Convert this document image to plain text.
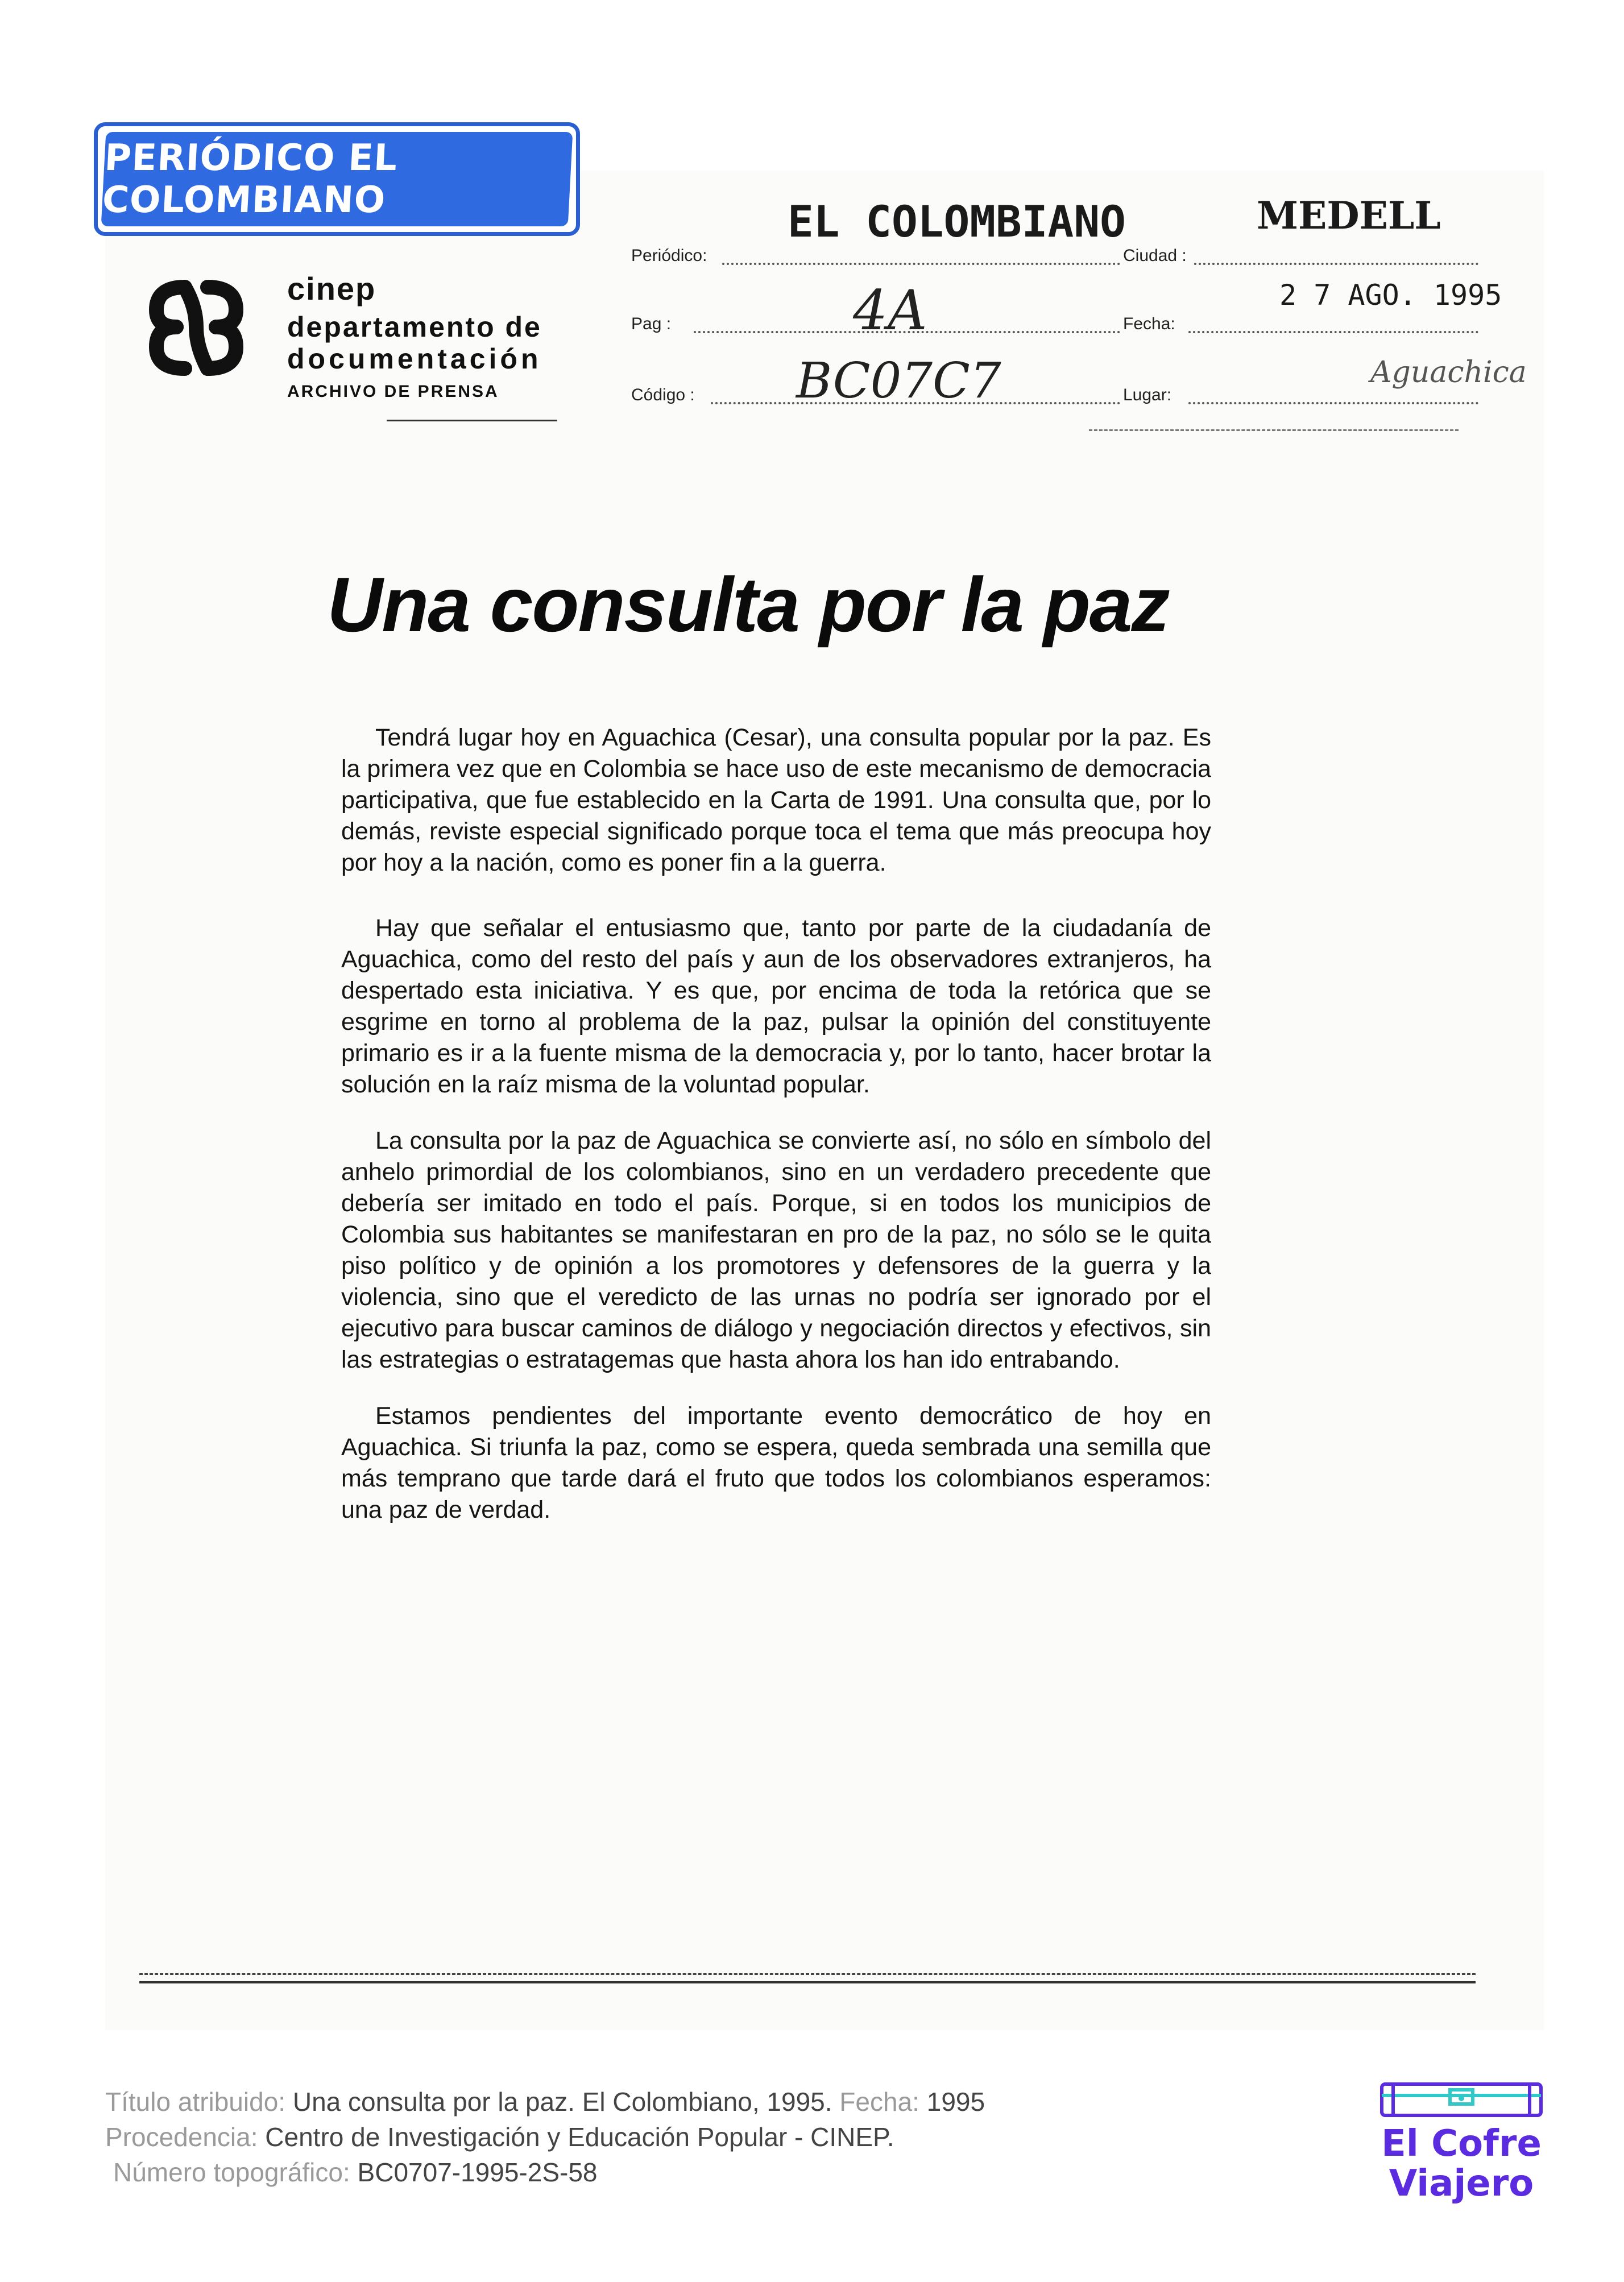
PERIÓDICO EL COLOMBIANO
cinep
departamento de
documentación
ARCHIVO DE PRENSA
Periódico:
EL COLOMBIANO
Ciudad :
MEDELL
Pag :	4A	Fecha:
2 7 AGO. 1995
Código : BC07C7	Lugar:
Aguachica
Una consulta por la paz

Tendrá lugar hoy en Aguachica (Cesar), una consulta popular por la paz. Es la primera vez que en Colombia se hace uso de este mecanismo de democracia participativa, que fue establecido en la Carta de 1991. Una consulta que, por lo demás, reviste especial significado porque toca el tema que más preocupa hoy por hoy a la nación, como es poner fin a la guerra.

Hay que señalar el entusiasmo que, tanto por parte de la ciudadanía de Aguachica, como del resto del país y aun de los observadores extranjeros, ha despertado esta iniciativa. Y es que, por encima de toda la retórica que se esgrime en torno al problema de la paz, pulsar la opinión del constituyente primario es ir a la fuente misma de la democracia y, por lo tanto, hacer brotar la solución en la raíz misma de la voluntad popular.

La consulta por la paz de Aguachica se convierte así, no sólo en símbolo del anhelo primordial de los colombianos, sino en un verdadero precedente que debería ser imitado en todo el país. Porque, si en todos los municipios de Colombia sus habitantes se manifestaran en pro de la paz, no sólo se le quita piso político y de opinión a los promotores y defensores de la guerra y la violencia, sino que el veredicto de las urnas no podría ser ignorado por el ejecutivo para buscar caminos de diálogo y negociación directos y efectivos, sin las estrategias o estratagemas que hasta ahora los han ido entrabando.

Estamos pendientes del importante evento democrático de hoy en Aguachica. Si triunfa la paz, como se espera, queda sembrada una semilla que más temprano que tarde dará el fruto que todos los colombianos esperamos: una paz de verdad.

Título atribuido: Una consulta por la paz. El Colombiano, 1995. Fecha: 1995
Procedencia: Centro de Investigación y Educación Popular - CINEP.
Número topográfico: BC0707-1995-2S-58
El Cofre
Viajero
